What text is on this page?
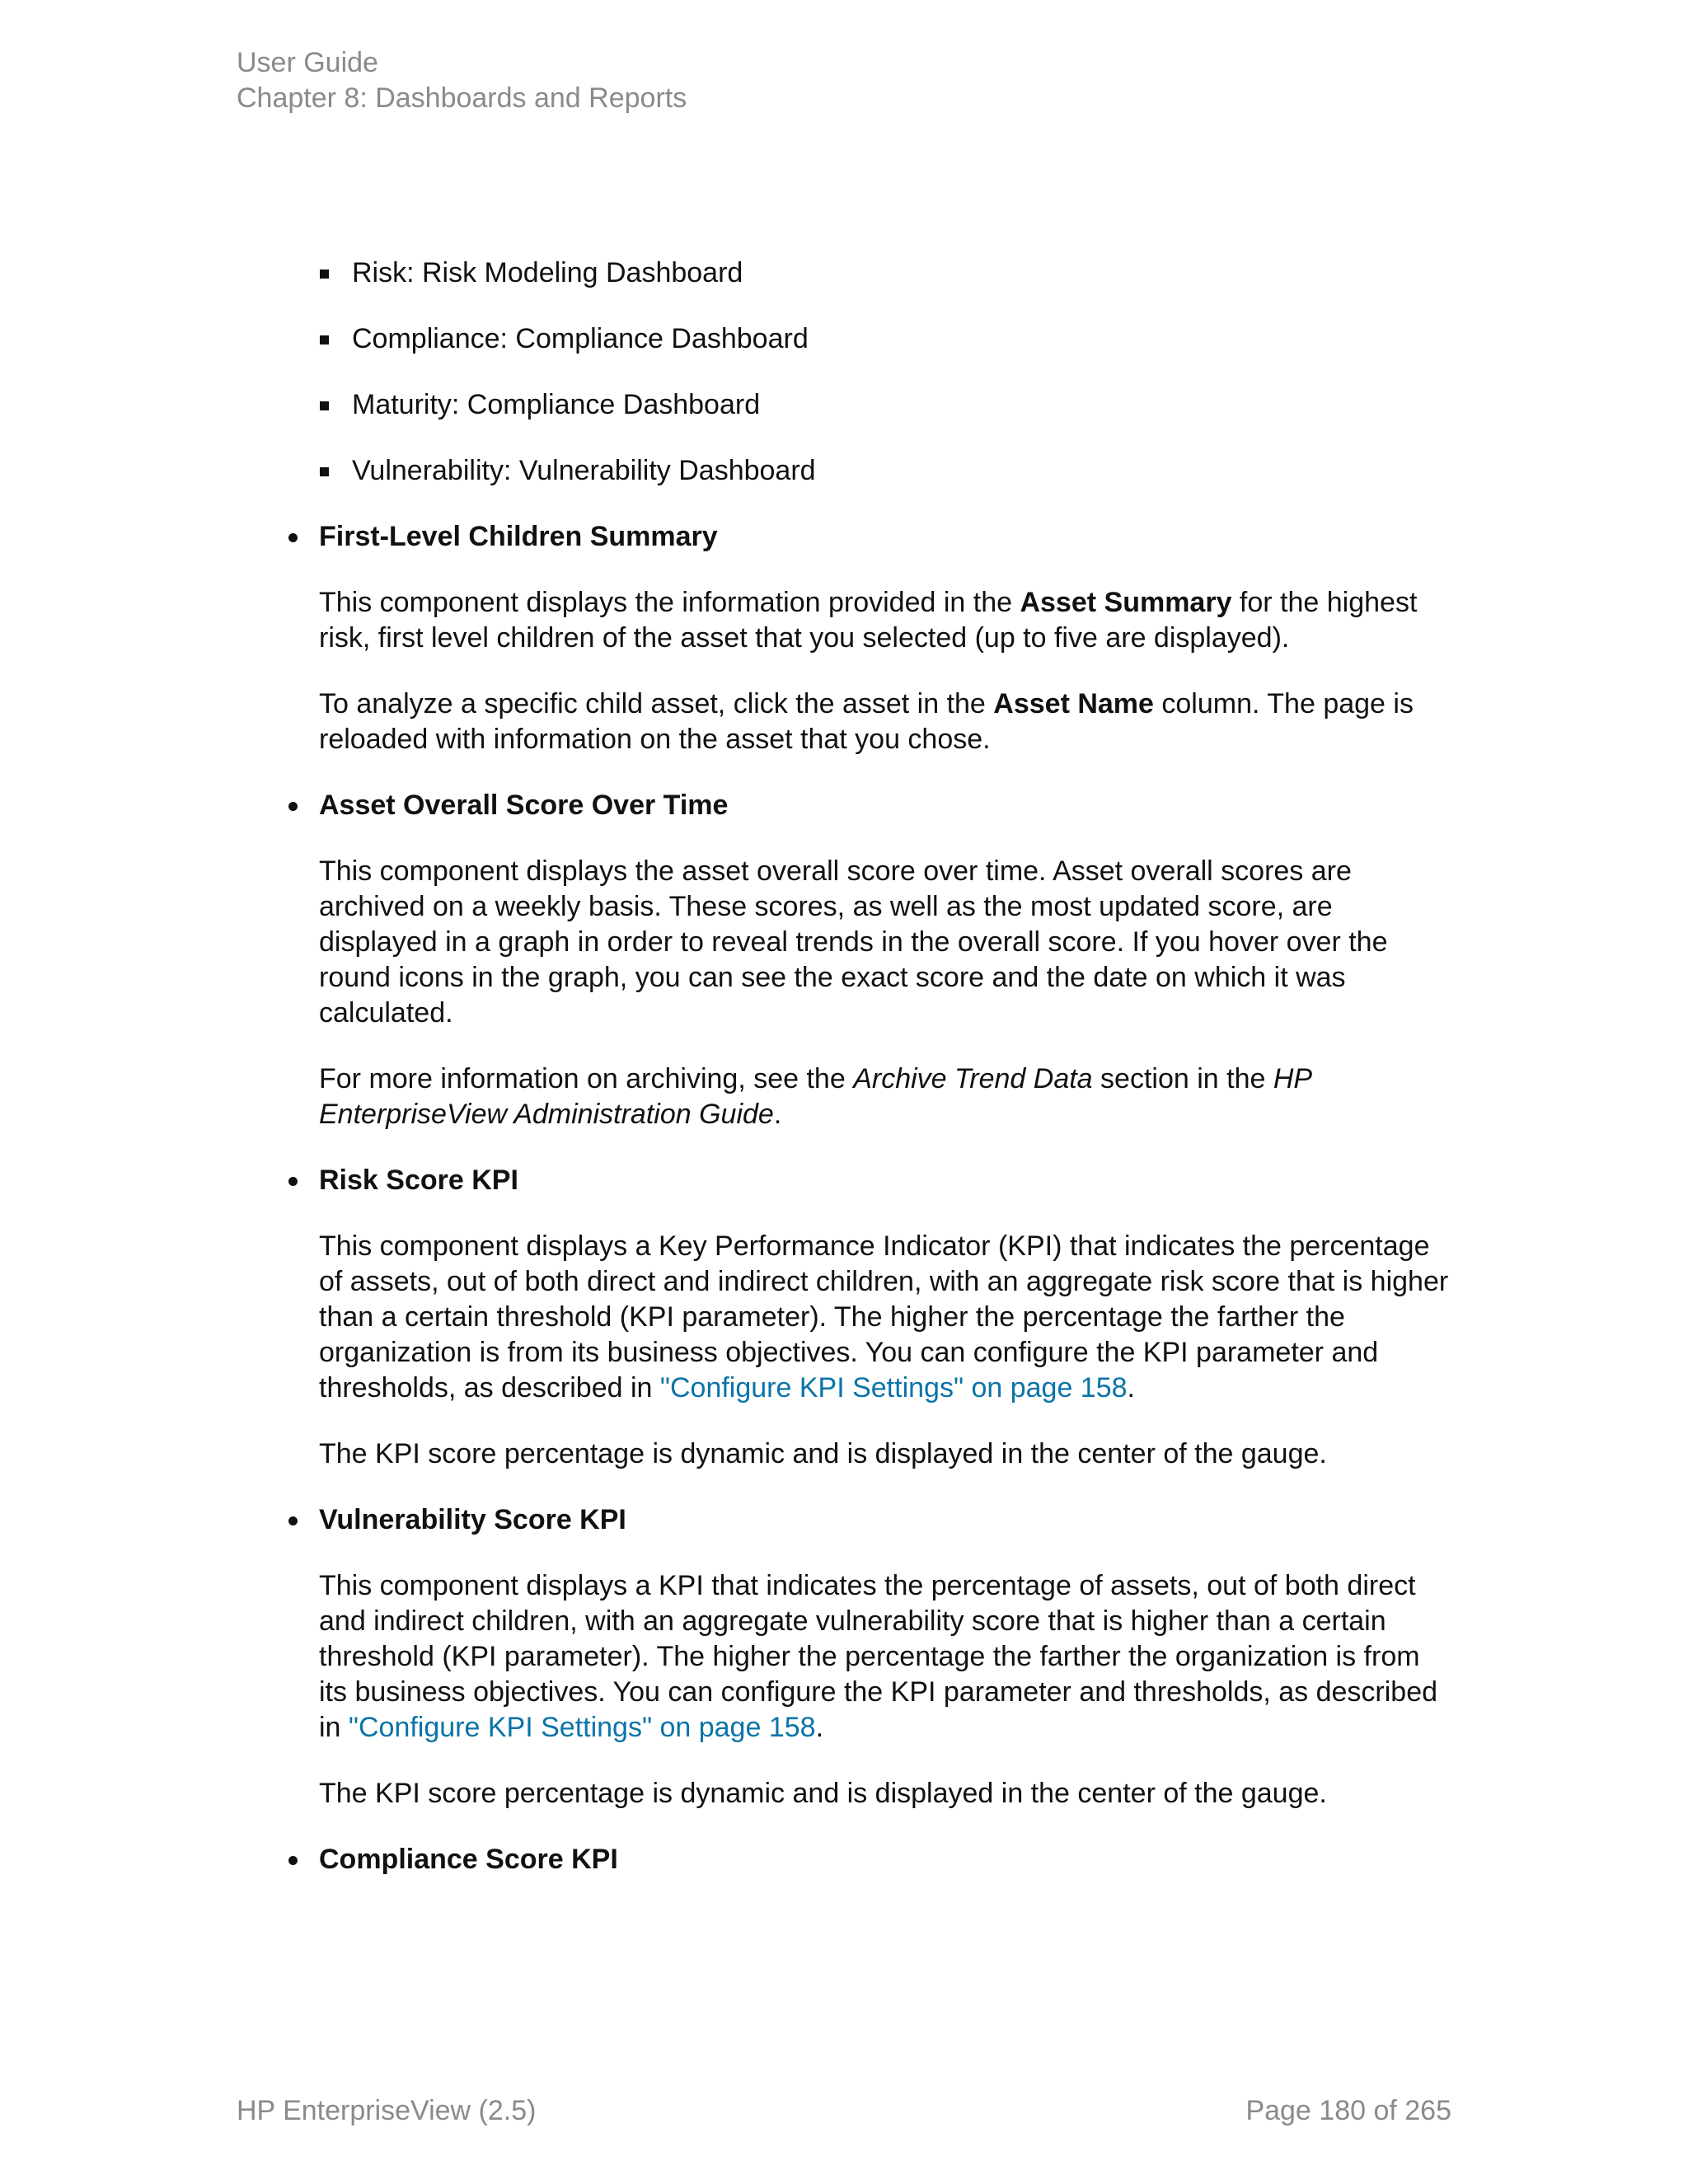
User Guide
Chapter 8: Dashboards and Reports
Risk: Risk Modeling Dashboard
Compliance: Compliance Dashboard
Maturity: Compliance Dashboard
Vulnerability: Vulnerability Dashboard
First-Level Children Summary

This component displays the information provided in the Asset Summary for the highest risk, first level children of the asset that you selected (up to five are displayed).

To analyze a specific child asset, click the asset in the Asset Name column. The page is reloaded with information on the asset that you chose.

Asset Overall Score Over Time

This component displays the asset overall score over time. Asset overall scores are archived on a weekly basis. These scores, as well as the most updated score, are displayed in a graph in order to reveal trends in the overall score. If you hover over the round icons in the graph, you can see the exact score and the date on which it was calculated.

For more information on archiving, see the Archive Trend Data section in the HP EnterpriseView Administration Guide.

Risk Score KPI

This component displays a Key Performance Indicator (KPI) that indicates the percentage of assets, out of both direct and indirect children, with an aggregate risk score that is higher than a certain threshold (KPI parameter). The higher the percentage the farther the organization is from its business objectives. You can configure the KPI parameter and thresholds, as described in "Configure KPI Settings" on page 158.

The KPI score percentage is dynamic and is displayed in the center of the gauge.

Vulnerability Score KPI

This component displays a KPI that indicates the percentage of assets, out of both direct and indirect children, with an aggregate vulnerability score that is higher than a certain threshold (KPI parameter). The higher the percentage the farther the organization is from its business objectives. You can configure the KPI parameter and thresholds, as described in "Configure KPI Settings" on page 158.

The KPI score percentage is dynamic and is displayed in the center of the gauge.

Compliance Score KPI
HP EnterpriseView (2.5)	Page 180 of 265
